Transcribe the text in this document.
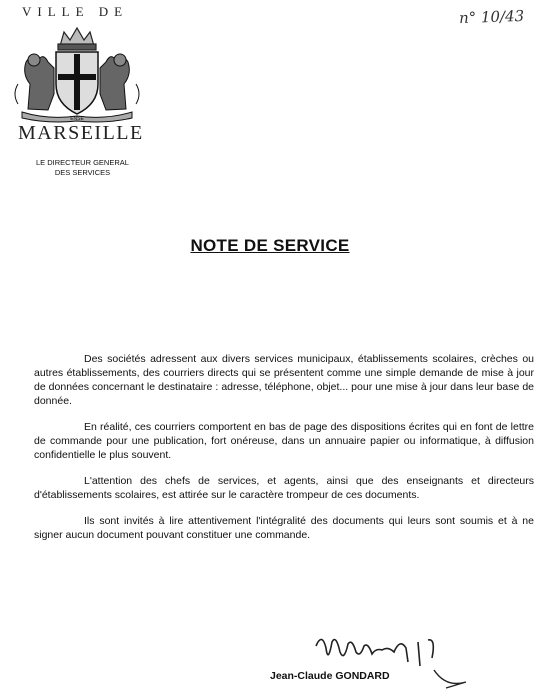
VILLE DE
ENSE
MARSEILLE
LE DIRECTEUR GENERAL
DES SERVICES
n° 10/43
NOTE DE SERVICE

Des sociétés adressent aux divers services municipaux, établissements scolaires, crèches ou autres établissements, des courriers directs qui se présentent comme une simple demande de mise à jour de données concernant le destinataire : adresse, téléphone, objet... pour une mise à jour dans leur base de donnée.

En réalité, ces courriers comportent en bas de page des dispositions écrites qui en font de lettre de commande pour une publication, fort onéreuse, dans un annuaire papier ou informatique, à diffusion confidentielle le plus souvent.

L'attention des chefs de services, et agents, ainsi que des enseignants et directeurs d'établissements scolaires, est attirée sur le caractère trompeur de ces documents.

Ils sont invités à lire attentivement l'intégralité des documents qui leurs sont soumis et à ne signer aucun document pouvant constituer une commande.

Jean-Claude GONDARD
